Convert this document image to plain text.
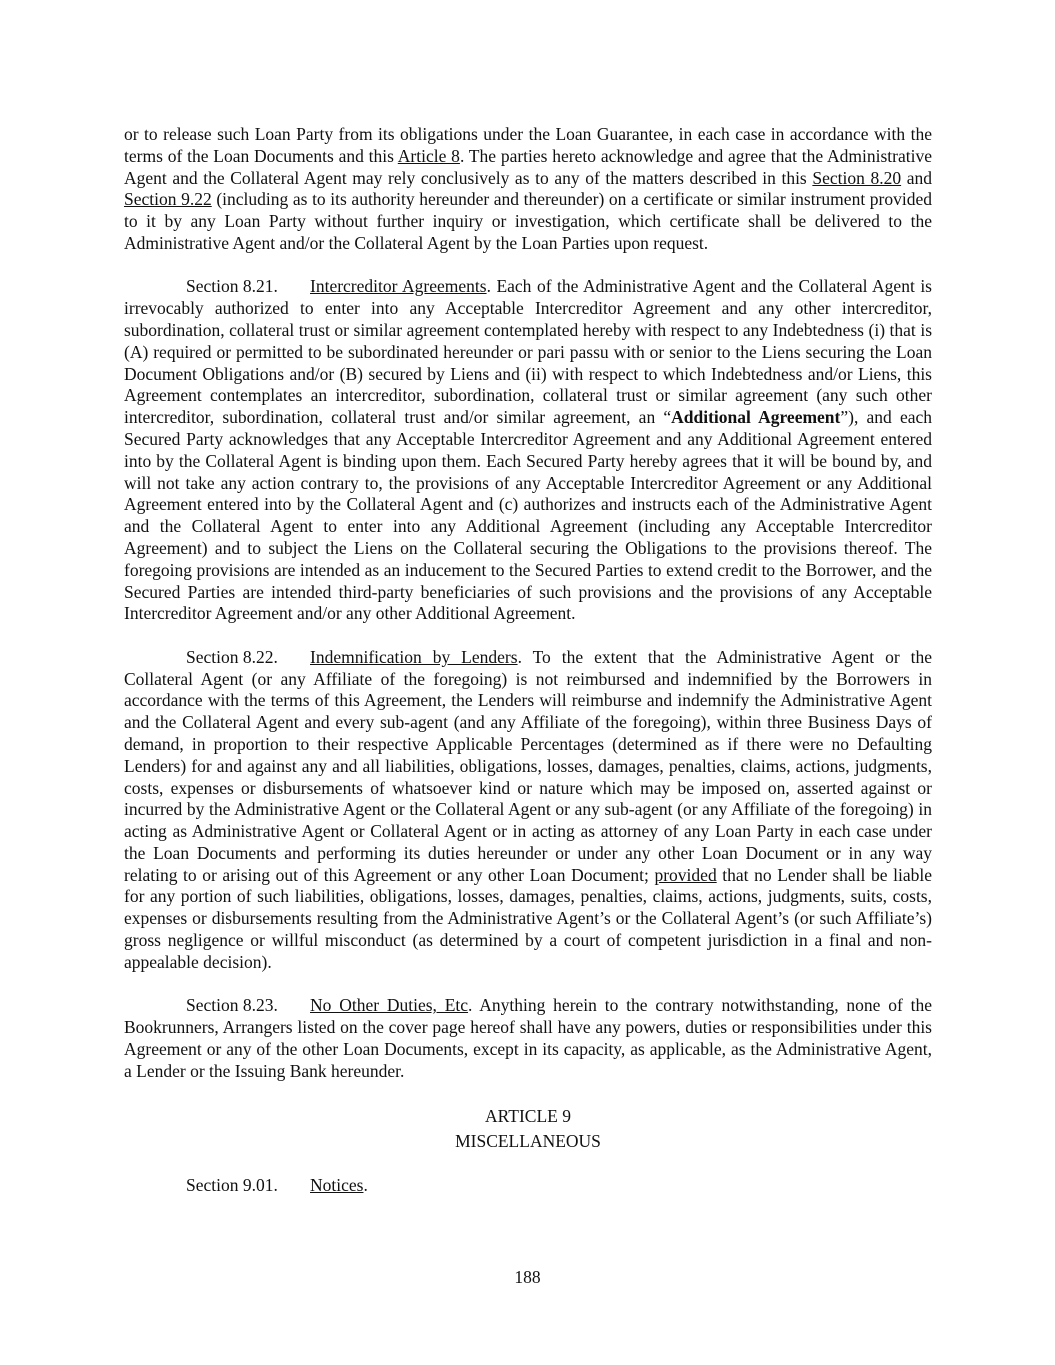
or to release such Loan Party from its obligations under the Loan Guarantee, in each case in accordance with the terms of the Loan Documents and this Article 8. The parties hereto acknowledge and agree that the Administrative Agent and the Collateral Agent may rely conclusively as to any of the matters described in this Section 8.20 and Section 9.22 (including as to its authority hereunder and thereunder) on a certificate or similar instrument provided to it by any Loan Party without further inquiry or investigation, which certificate shall be delivered to the Administrative Agent and/or the Collateral Agent by the Loan Parties upon request.

Section 8.21. Intercreditor Agreements. Each of the Administrative Agent and the Collateral Agent is irrevocably authorized to enter into any Acceptable Intercreditor Agreement and any other intercreditor, subordination, collateral trust or similar agreement contemplated hereby with respect to any Indebtedness (i) that is (A) required or permitted to be subordinated hereunder or pari passu with or senior to the Liens securing the Loan Document Obligations and/or (B) secured by Liens and (ii) with respect to which Indebtedness and/or Liens, this Agreement contemplates an intercreditor, subordination, collateral trust or similar agreement (any such other intercreditor, subordination, collateral trust and/or similar agreement, an “Additional Agreement”), and each Secured Party acknowledges that any Acceptable Intercreditor Agreement and any Additional Agreement entered into by the Collateral Agent is binding upon them. Each Secured Party hereby agrees that it will be bound by, and will not take any action contrary to, the provisions of any Acceptable Intercreditor Agreement or any Additional Agreement entered into by the Collateral Agent and (c) authorizes and instructs each of the Administrative Agent and the Collateral Agent to enter into any Additional Agreement (including any Acceptable Intercreditor Agreement) and to subject the Liens on the Collateral securing the Obligations to the provisions thereof. The foregoing provisions are intended as an inducement to the Secured Parties to extend credit to the Borrower, and the Secured Parties are intended third-party beneficiaries of such provisions and the provisions of any Acceptable Intercreditor Agreement and/or any other Additional Agreement.

Section 8.22. Indemnification by Lenders. To the extent that the Administrative Agent or the Collateral Agent (or any Affiliate of the foregoing) is not reimbursed and indemnified by the Borrowers in accordance with the terms of this Agreement, the Lenders will reimburse and indemnify the Administrative Agent and the Collateral Agent and every sub-agent (and any Affiliate of the foregoing), within three Business Days of demand, in proportion to their respective Applicable Percentages (determined as if there were no Defaulting Lenders) for and against any and all liabilities, obligations, losses, damages, penalties, claims, actions, judgments, costs, expenses or disbursements of whatsoever kind or nature which may be imposed on, asserted against or incurred by the Administrative Agent or the Collateral Agent or any sub-agent (or any Affiliate of the foregoing) in acting as Administrative Agent or Collateral Agent or in acting as attorney of any Loan Party in each case under the Loan Documents and performing its duties hereunder or under any other Loan Document or in any way relating to or arising out of this Agreement or any other Loan Document; provided that no Lender shall be liable for any portion of such liabilities, obligations, losses, damages, penalties, claims, actions, judgments, suits, costs, expenses or disbursements resulting from the Administrative Agent’s or the Collateral Agent’s (or such Affiliate’s) gross negligence or willful misconduct (as determined by a court of competent jurisdiction in a final and non-appealable decision).

Section 8.23. No Other Duties, Etc. Anything herein to the contrary notwithstanding, none of the Bookrunners, Arrangers listed on the cover page hereof shall have any powers, duties or responsibilities under this Agreement or any of the other Loan Documents, except in its capacity, as applicable, as the Administrative Agent, a Lender or the Issuing Bank hereunder.

ARTICLE 9
MISCELLANEOUS

Section 9.01. Notices.

188
